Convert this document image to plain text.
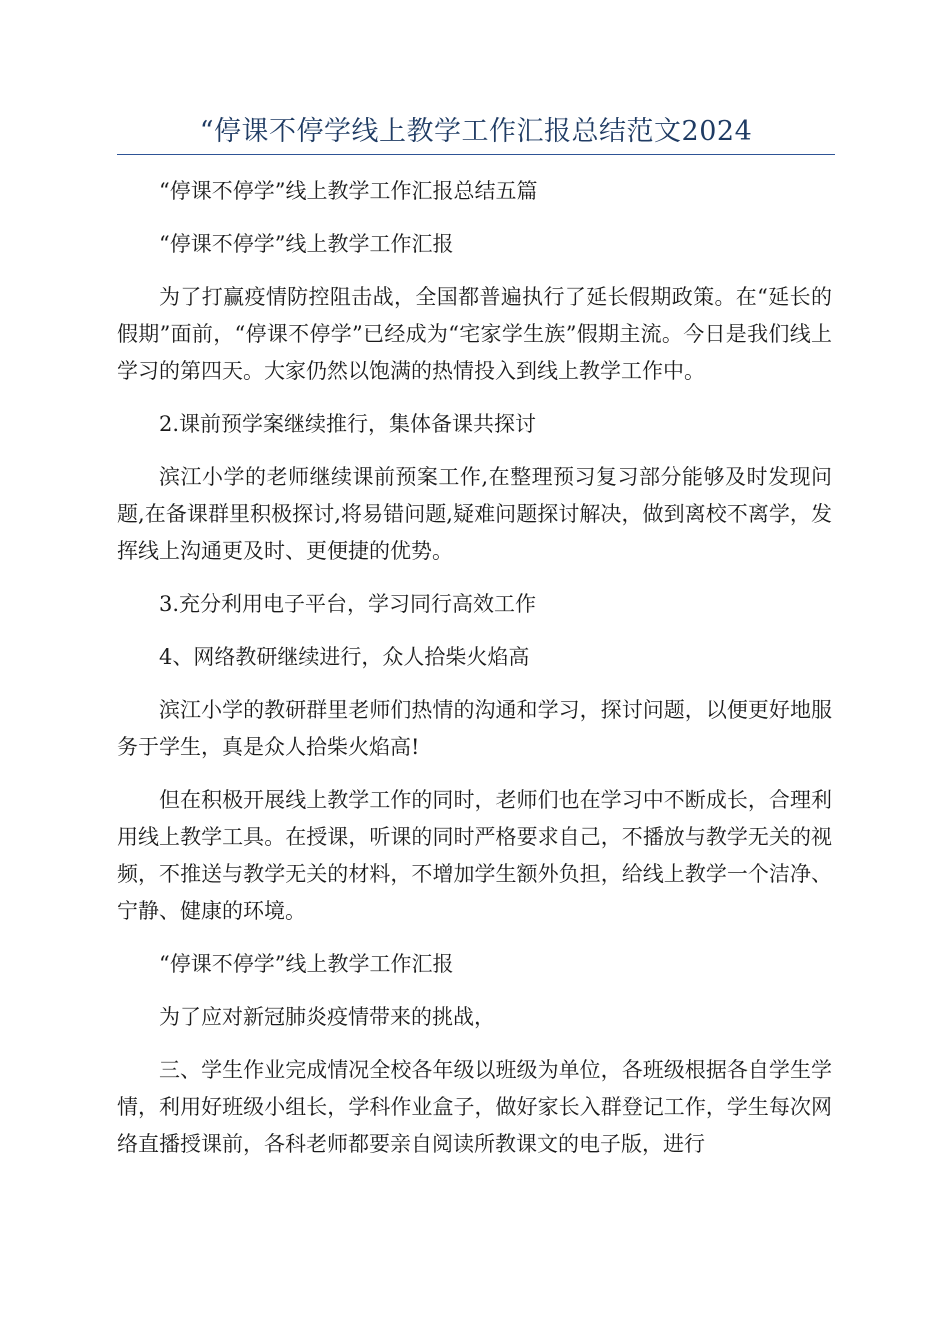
“停课不停学线上教学工作汇报总结范文2024

“停课不停学”线上教学工作汇报总结五篇

“停课不停学”线上教学工作汇报

为了打赢疫情防控阻击战，全国都普遍执行了延长假期政策。在“延长的假期”面前，“停课不停学”已经成为“宅家学生族”假期主流。今日是我们线上学习的第四天。大家仍然以饱满的热情投入到线上教学工作中。

2.课前预学案继续推行，集体备课共探讨

滨江小学的老师继续课前预案工作,在整理预习复习部分能够及时发现问题,在备课群里积极探讨,将易错问题,疑难问题探讨解决，做到离校不离学，发挥线上沟通更及时、更便捷的优势。

3.充分利用电子平台，学习同行高效工作

4、网络教研继续进行，众人拾柴火焰高

滨江小学的教研群里老师们热情的沟通和学习，探讨问题，以便更好地服务于学生，真是众人拾柴火焰高!

但在积极开展线上教学工作的同时，老师们也在学习中不断成长，合理利用线上教学工具。在授课，听课的同时严格要求自己，不播放与教学无关的视频，不推送与教学无关的材料，不增加学生额外负担，给线上教学一个洁净、宁静、健康的环境。

“停课不停学”线上教学工作汇报

为了应对新冠肺炎疫情带来的挑战，

三、学生作业完成情况全校各年级以班级为单位，各班级根据各自学生学情，利用好班级小组长，学科作业盒子，做好家长入群登记工作，学生每次网络直播授课前，各科老师都要亲自阅读所教课文的电子版，进行
